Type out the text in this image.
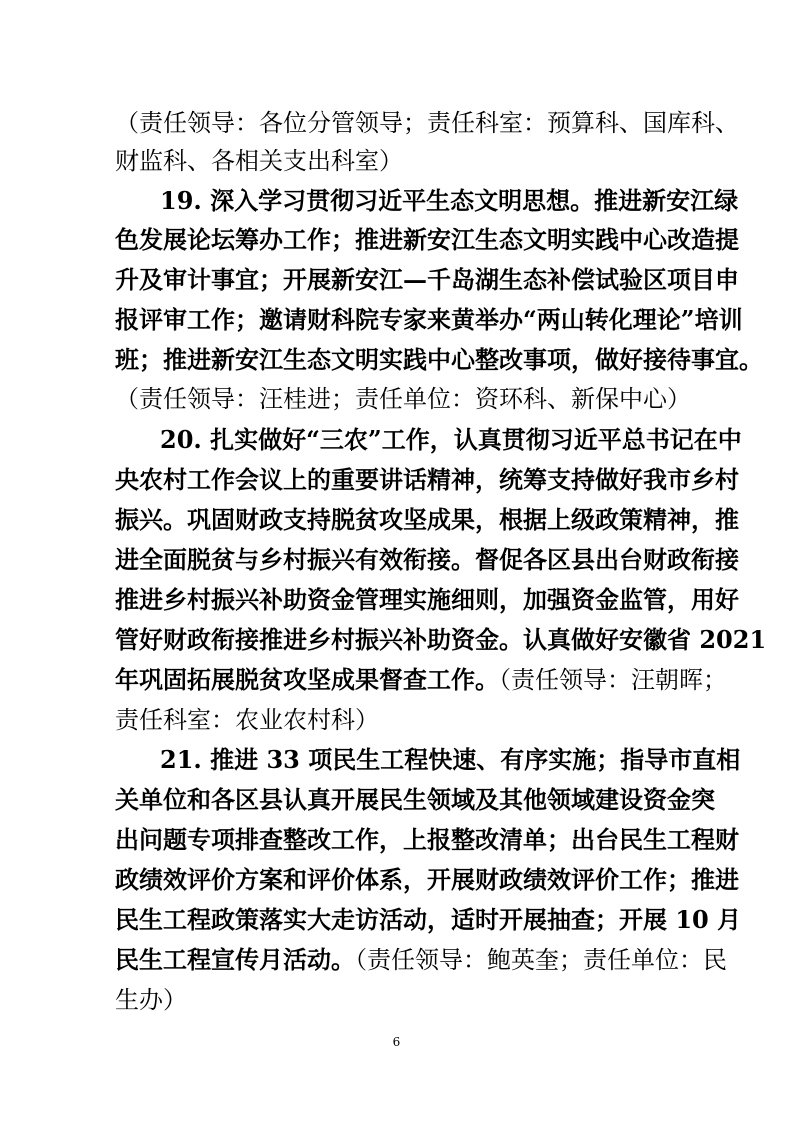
（责任领导：各位分管领导；责任科室：预算科、国库科、
财监科、各相关支出科室）
19. 深入学习贯彻习近平生态文明思想。推进新安江绿
色发展论坛筹办工作；推进新安江生态文明实践中心改造提
升及审计事宜；开展新安江—千岛湖生态补偿试验区项目申
报评审工作；邀请财科院专家来黄举办“两山转化理论”培训
班；推进新安江生态文明实践中心整改事项，做好接待事宜。
（责任领导：汪桂进；责任单位：资环科、新保中心）
20. 扎实做好“三农”工作，认真贯彻习近平总书记在中
央农村工作会议上的重要讲话精神，统筹支持做好我市乡村
振兴。巩固财政支持脱贫攻坚成果，根据上级政策精神，推
进全面脱贫与乡村振兴有效衔接。督促各区县出台财政衔接
推进乡村振兴补助资金管理实施细则，加强资金监管，用好
管好财政衔接推进乡村振兴补助资金。认真做好安徽省 2021
年巩固拓展脱贫攻坚成果督查工作。（责任领导：汪朝晖；
责任科室：农业农村科）
21. 推进 33 项民生工程快速、有序实施；指导市直相
关单位和各区县认真开展民生领域及其他领域建设资金突
出问题专项排查整改工作，上报整改清单；出台民生工程财
政绩效评价方案和评价体系，开展财政绩效评价工作；推进
民生工程政策落实大走访活动，适时开展抽查；开展 10 月
民生工程宣传月活动。（责任领导：鲍英奎；责任单位：民
生办）
6
